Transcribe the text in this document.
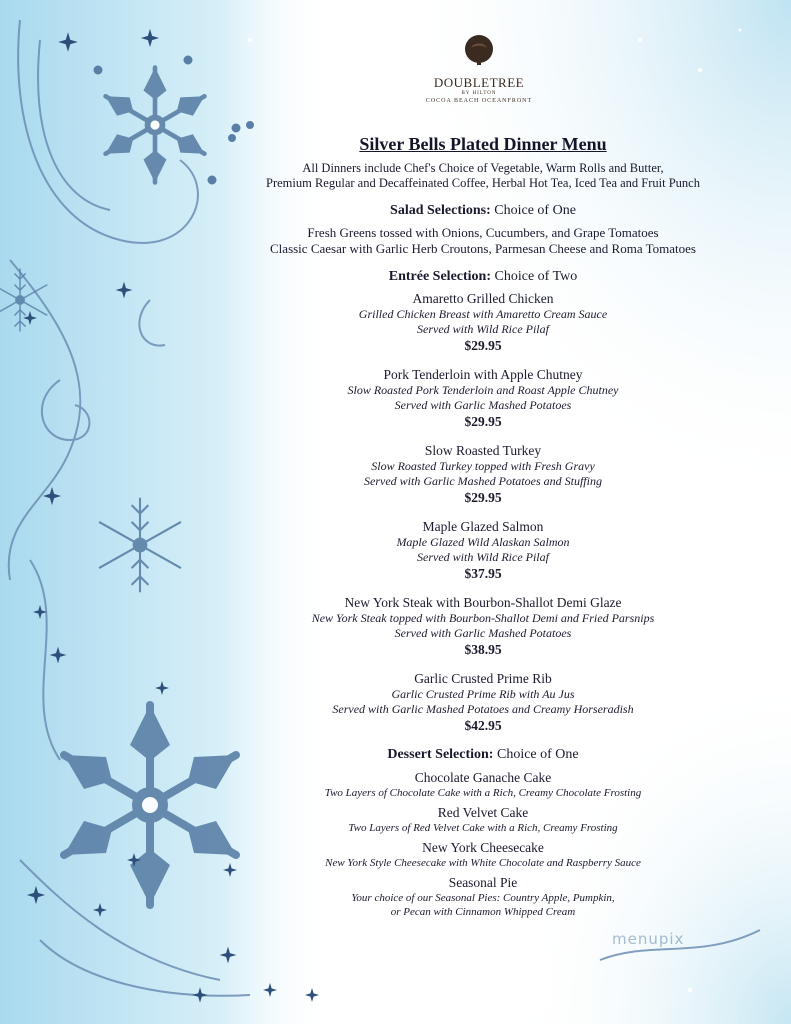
DOUBLETREE
BY HILTON
COCOA BEACH OCEANFRONT
Silver Bells Plated Dinner Menu
All Dinners include Chef's Choice of Vegetable, Warm Rolls and Butter,
Premium Regular and Decaffeinated Coffee, Herbal Hot Tea, Iced Tea and Fruit Punch
Salad Selections: Choice of One
Fresh Greens tossed with Onions, Cucumbers, and Grape Tomatoes
Classic Caesar with Garlic Herb Croutons, Parmesan Cheese and Roma Tomatoes
Entrée Selection: Choice of Two
Amaretto Grilled Chicken
Grilled Chicken Breast with Amaretto Cream Sauce
Served with Wild Rice Pilaf
$29.95
Pork Tenderloin with Apple Chutney
Slow Roasted Pork Tenderloin and Roast Apple Chutney
Served with Garlic Mashed Potatoes
$29.95
Slow Roasted Turkey
Slow Roasted Turkey topped with Fresh Gravy
Served with Garlic Mashed Potatoes and Stuffing
$29.95
Maple Glazed Salmon
Maple Glazed Wild Alaskan Salmon
Served with Wild Rice Pilaf
$37.95
New York Steak with Bourbon-Shallot Demi Glaze
New York Steak topped with Bourbon-Shallot Demi and Fried Parsnips
Served with Garlic Mashed Potatoes
$38.95
Garlic Crusted Prime Rib
Garlic Crusted Prime Rib with Au Jus
Served with Garlic Mashed Potatoes and Creamy Horseradish
$42.95
Dessert Selection: Choice of One
Chocolate Ganache Cake
Two Layers of Chocolate Cake with a Rich, Creamy Chocolate Frosting
Red Velvet Cake
Two Layers of Red Velvet Cake with a Rich, Creamy Frosting
New York Cheesecake
New York Style Cheesecake with White Chocolate and Raspberry Sauce
Seasonal Pie
Your choice of our Seasonal Pies: Country Apple, Pumpkin,
or Pecan with Cinnamon Whipped Cream
menupix
